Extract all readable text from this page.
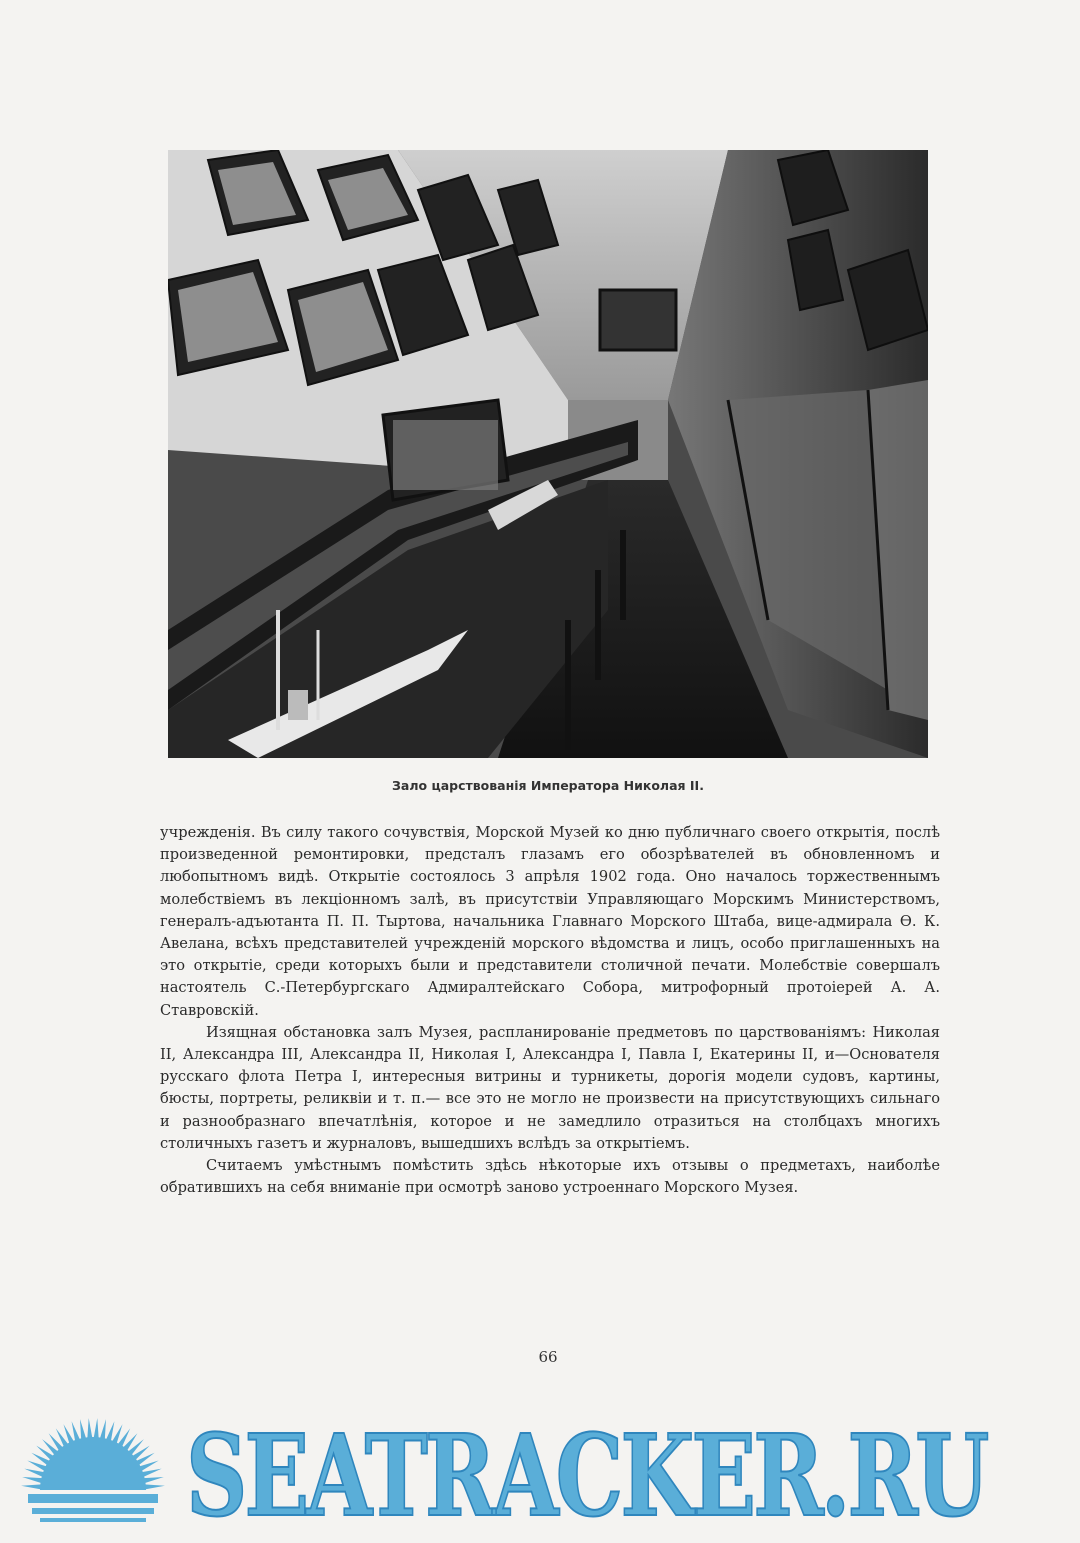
Зало царствованія Императора Николая II.

учрежденія. Въ силу такого сочувствія, Морской Музей ко дню публичнаго своего открытія, послѣ произведенной ремонтировки, предсталъ глазамъ его обозрѣвателей въ обновленномъ и любопытномъ видѣ. Открытіе состоялось 3 апрѣля 1902 года. Оно началось торжественнымъ молебствіемъ въ лекціонномъ залѣ, въ присутствіи Управляющаго Морскимъ Министерствомъ, генералъ-адъютанта П. П. Тыртова, начальника Главнаго Морского Штаба, вице-адмирала Ѳ. К. Авелана, всѣхъ представителей учрежденій морского вѣдомства и лицъ, особо приглашенныхъ на это открытіе, среди которыхъ были и представители столичной печати. Молебствіе совершалъ настоятель С.-Петербургскаго Адмиралтейскаго Собора, митрофорный протоіерей А. А. Ставровскій.

Изящная обстановка залъ Музея, распланированіе предметовъ по царствованіямъ: Николая II, Александра III, Александра II, Николая I, Александра I, Павла I, Екатерины II, и—Основателя русскаго флота Петра I, интересныя витрины и турникеты, дорогія модели судовъ, картины, бюсты, портреты, реликвіи и т. п.— все это не могло не произвести на присутствующихъ сильнаго и разнообразнаго впечатлѣнія, которое и не замедлило отразиться на столбцахъ многихъ столичныхъ газетъ и журналовъ, вышедшихъ вслѣдъ за открытіемъ.

Считаемъ умѣстнымъ помѣстить здѣсь нѣкоторые ихъ отзывы о предметахъ, наиболѣе обратившихъ на себя вниманіе при осмотрѣ заново устроеннаго Морского Музея.

66
SEATRACKER.RU
